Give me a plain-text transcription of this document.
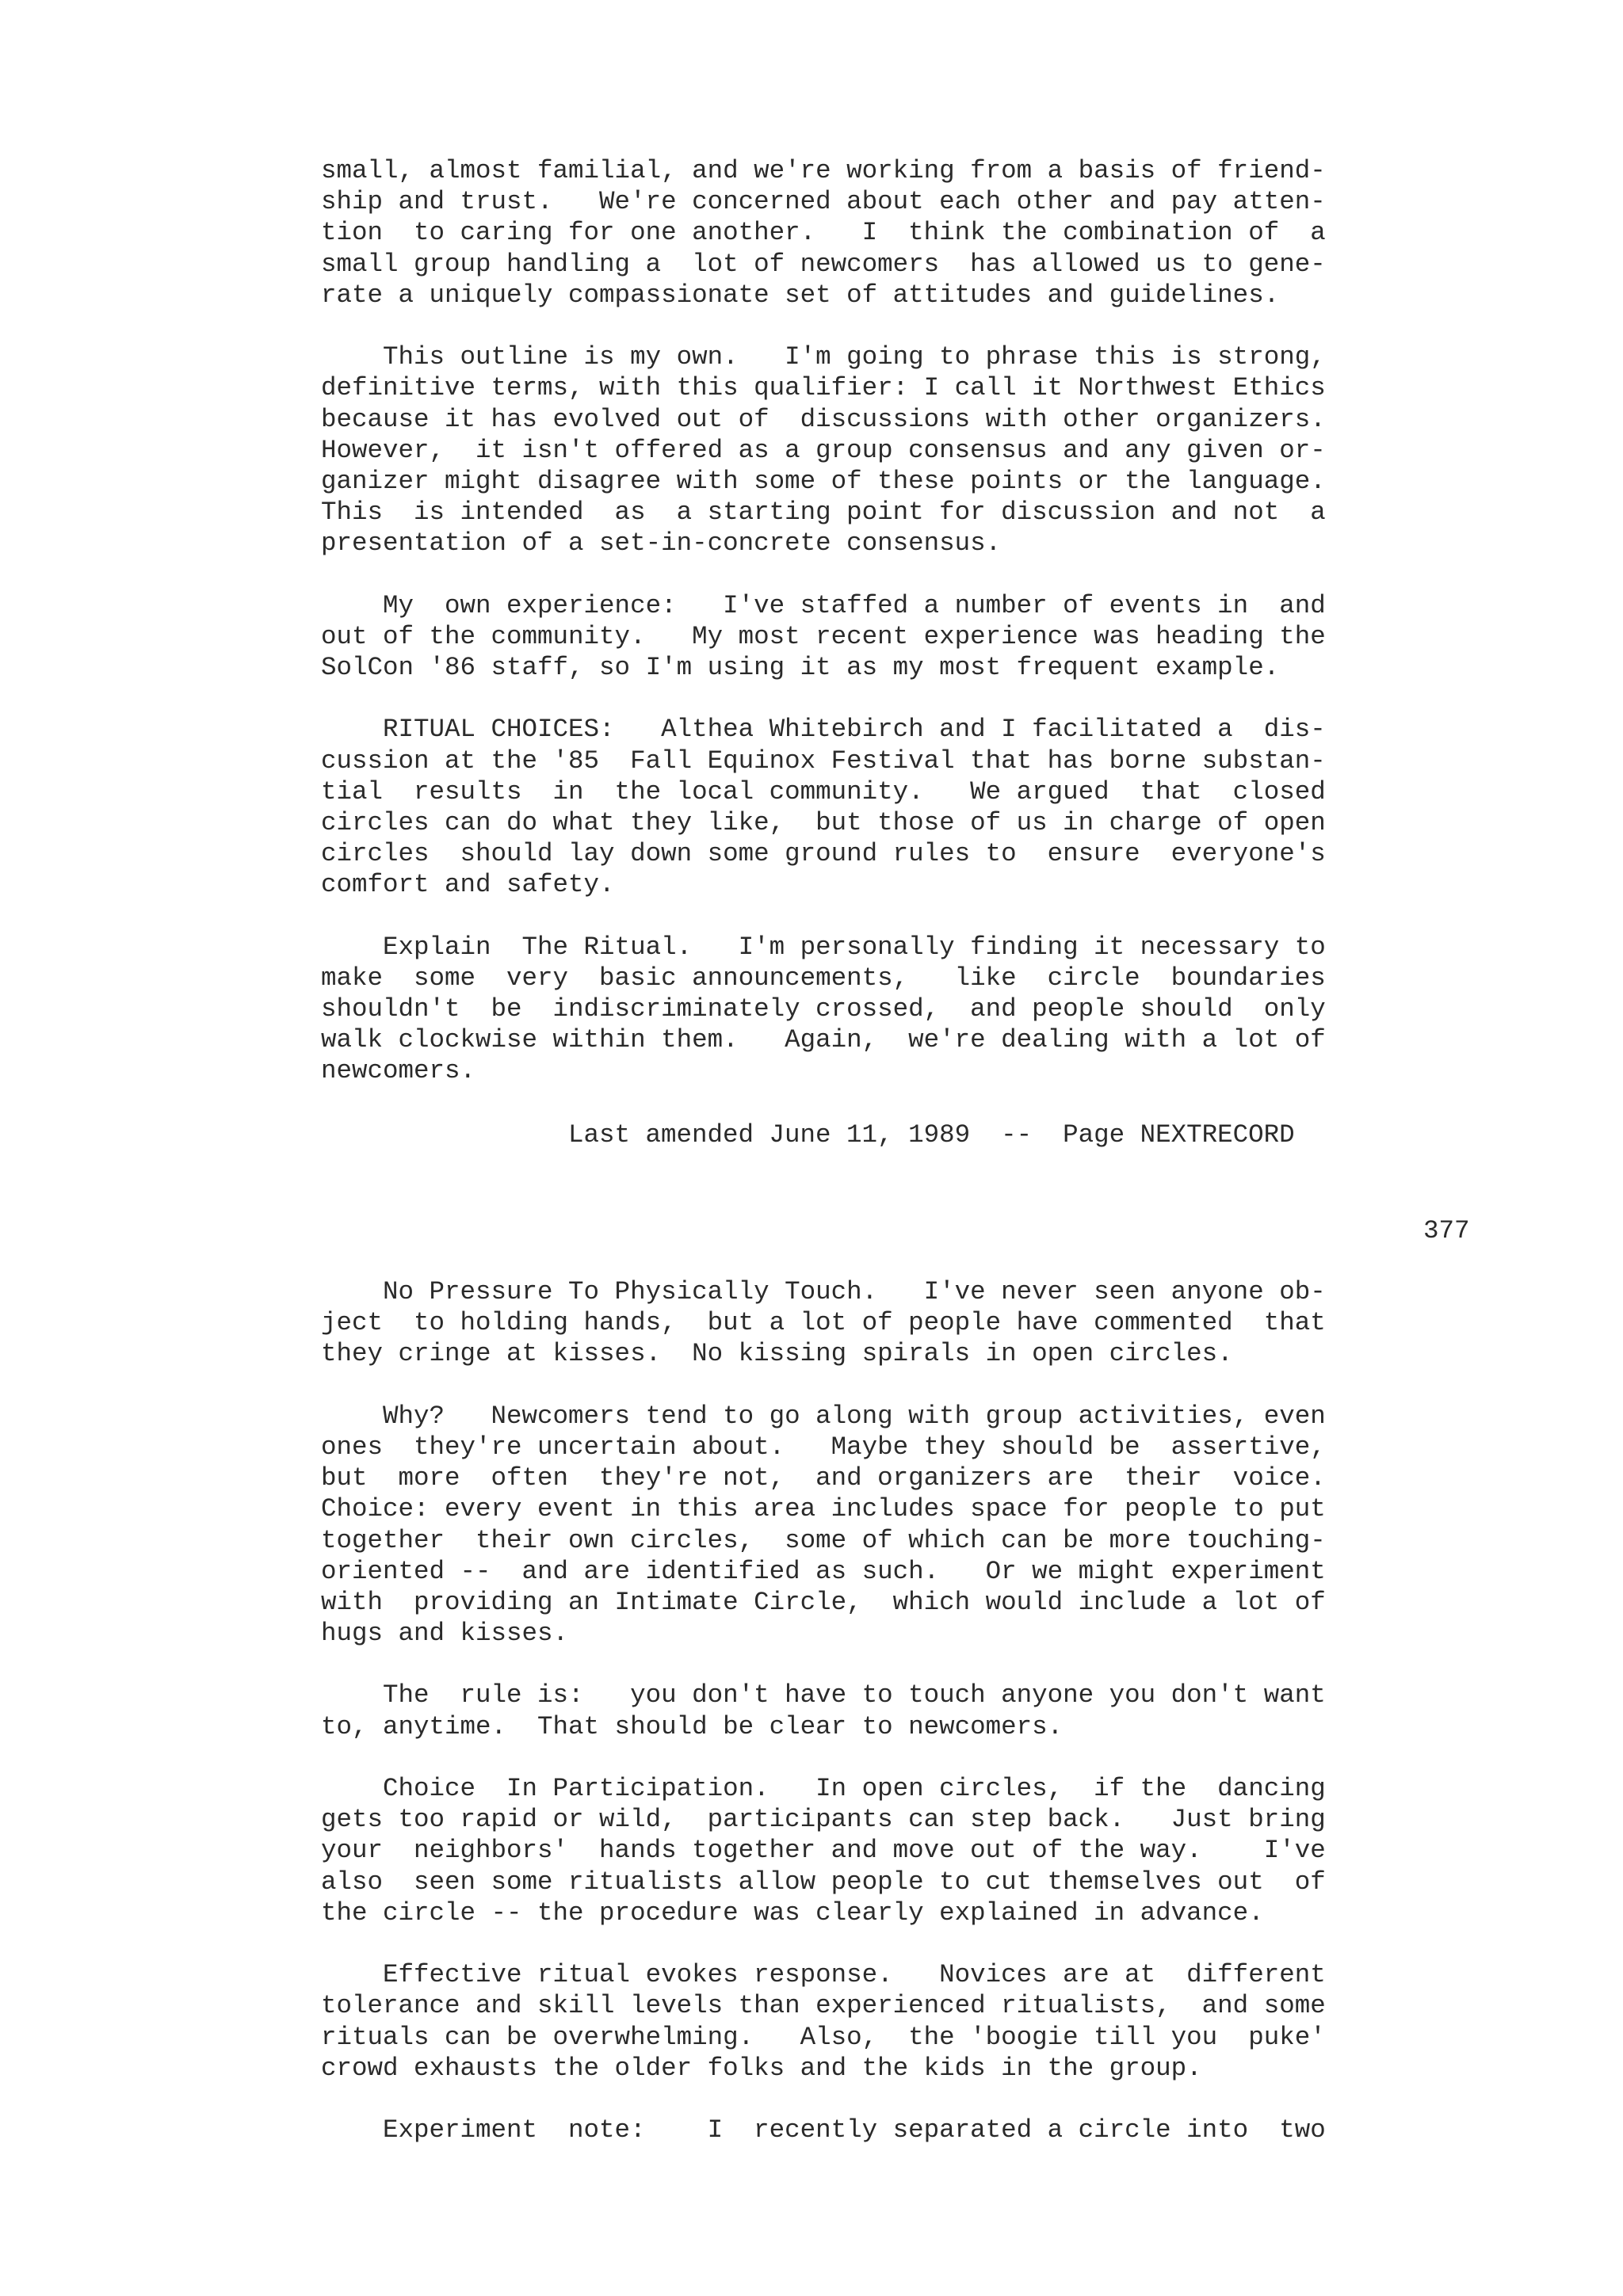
small, almost familial, and we're working from a basis of friend-
ship and trust.   We're concerned about each other and pay atten-
tion  to caring for one another.   I  think the combination of  a
small group handling a  lot of newcomers  has allowed us to gene-
rate a uniquely compassionate set of attitudes and guidelines.
This outline is my own.   I'm going to phrase this is strong,
definitive terms, with this qualifier: I call it Northwest Ethics
because it has evolved out of  discussions with other organizers.
However,  it isn't offered as a group consensus and any given or-
ganizer might disagree with some of these points or the language.
This  is intended  as  a starting point for discussion and not  a
presentation of a set-in-concrete consensus.
My  own experience:   I've staffed a number of events in  and
out of the community.   My most recent experience was heading the
SolCon '86 staff, so I'm using it as my most frequent example.
RITUAL CHOICES:   Althea Whitebirch and I facilitated a  dis-
cussion at the '85  Fall Equinox Festival that has borne substan-
tial  results  in  the local community.   We argued  that  closed
circles can do what they like,  but those of us in charge of open
circles  should lay down some ground rules to  ensure  everyone's
comfort and safety.
Explain  The Ritual.   I'm personally finding it necessary to
make  some  very  basic announcements,   like  circle  boundaries
shouldn't  be  indiscriminately crossed,  and people should  only
walk clockwise within them.   Again,  we're dealing with a lot of
newcomers.
Last amended June 11, 1989  --  Page NEXTRECORD
377
No Pressure To Physically Touch.   I've never seen anyone ob-
ject  to holding hands,  but a lot of people have commented  that
they cringe at kisses.  No kissing spirals in open circles.
Why?   Newcomers tend to go along with group activities, even
ones  they're uncertain about.   Maybe they should be  assertive,
but  more  often  they're not,  and organizers are  their  voice.
Choice: every event in this area includes space for people to put
together  their own circles,  some of which can be more touching-
oriented --  and are identified as such.   Or we might experiment
with  providing an Intimate Circle,  which would include a lot of
hugs and kisses.
The  rule is:   you don't have to touch anyone you don't want
to, anytime.  That should be clear to newcomers.
Choice  In Participation.   In open circles,  if the  dancing
gets too rapid or wild,  participants can step back.   Just bring
your  neighbors'  hands together and move out of the way.    I've
also  seen some ritualists allow people to cut themselves out  of
the circle -- the procedure was clearly explained in advance.
Effective ritual evokes response.   Novices are at  different
tolerance and skill levels than experienced ritualists,  and some
rituals can be overwhelming.   Also,  the 'boogie till you  puke'
crowd exhausts the older folks and the kids in the group.
Experiment  note:    I  recently separated a circle into  two
